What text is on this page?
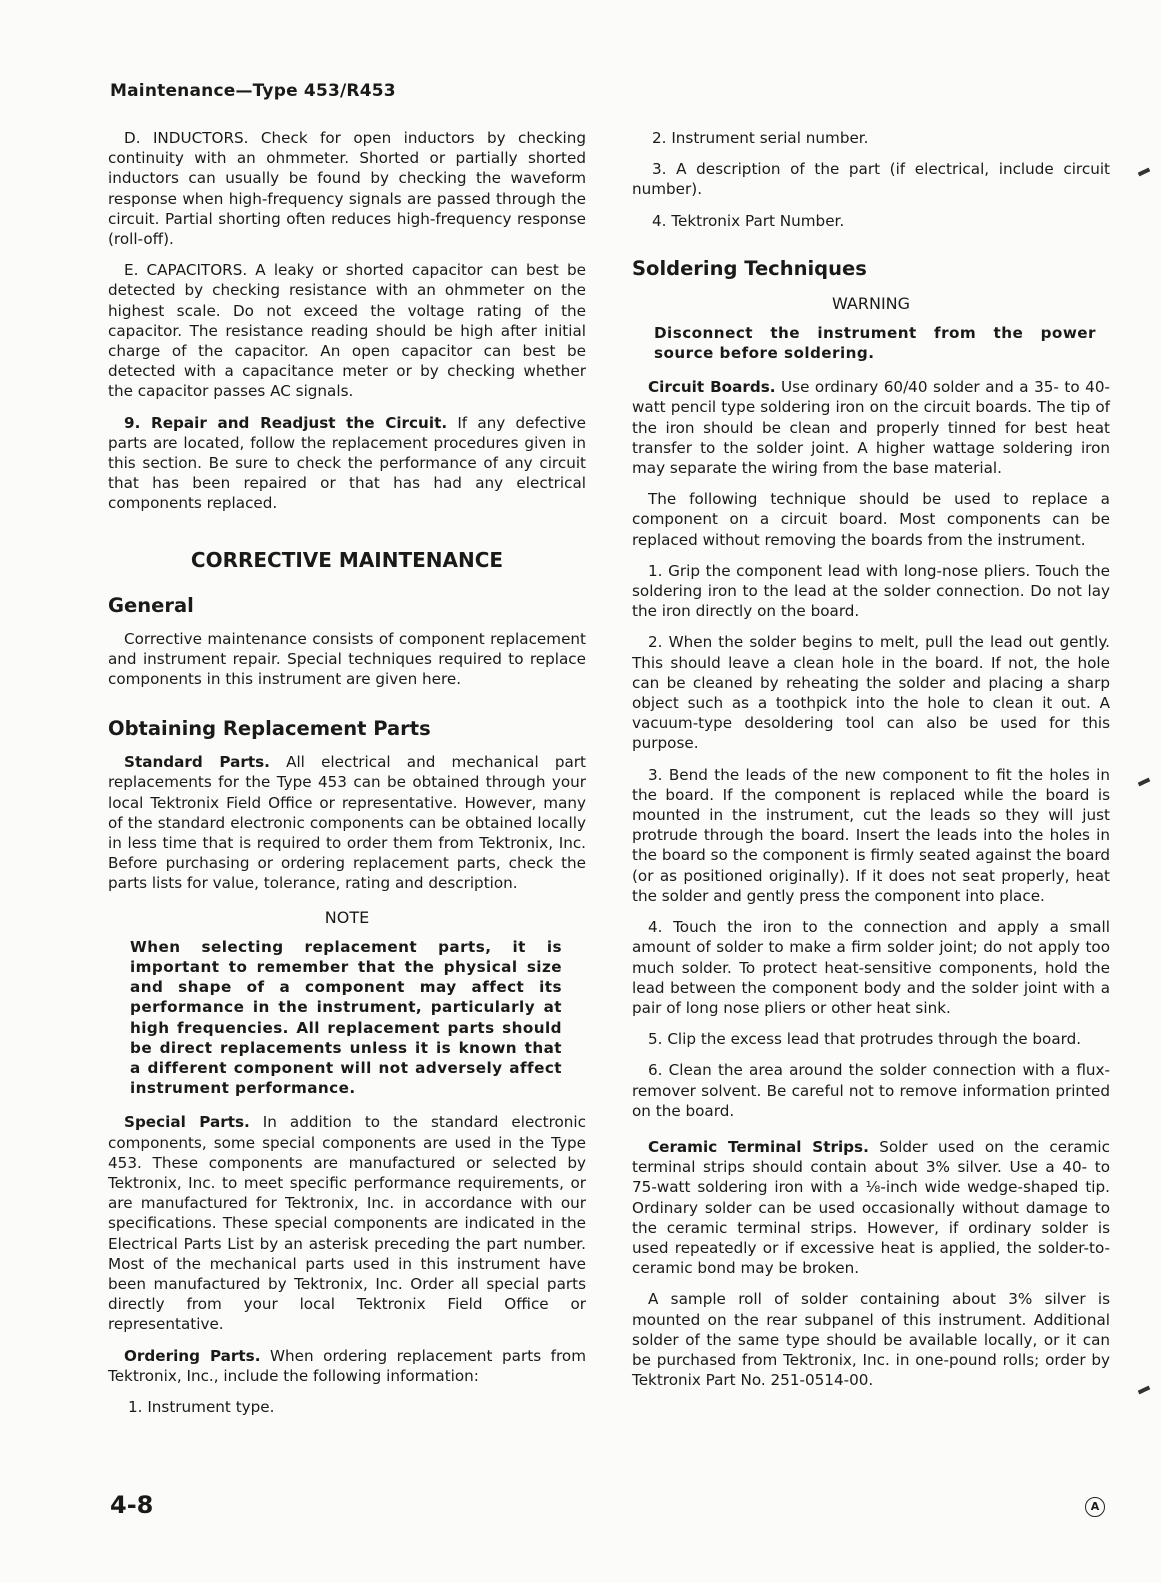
Maintenance—Type 453/R453

D. INDUCTORS. Check for open inductors by checking continuity with an ohmmeter. Shorted or partially shorted inductors can usually be found by checking the waveform response when high-frequency signals are passed through the circuit. Partial shorting often reduces high-frequency response (roll-off).

E. CAPACITORS. A leaky or shorted capacitor can best be detected by checking resistance with an ohmmeter on the highest scale. Do not exceed the voltage rating of the capacitor. The resistance reading should be high after initial charge of the capacitor. An open capacitor can best be detected with a capacitance meter or by checking whether the capacitor passes AC signals.

9. Repair and Readjust the Circuit. If any defective parts are located, follow the replacement procedures given in this section. Be sure to check the performance of any circuit that has been repaired or that has had any electrical components replaced.

CORRECTIVE MAINTENANCE
General

Corrective maintenance consists of component replacement and instrument repair. Special techniques required to replace components in this instrument are given here.

Obtaining Replacement Parts

Standard Parts. All electrical and mechanical part replacements for the Type 453 can be obtained through your local Tektronix Field Office or representative. However, many of the standard electronic components can be obtained locally in less time that is required to order them from Tektronix, Inc. Before purchasing or ordering replacement parts, check the parts lists for value, tolerance, rating and description.

NOTE
When selecting replacement parts, it is important to remember that the physical size and shape of a component may affect its performance in the instrument, particularly at high frequencies. All replacement parts should be direct replacements unless it is known that a different component will not adversely affect instrument performance.

Special Parts. In addition to the standard electronic components, some special components are used in the Type 453. These components are manufactured or selected by Tektronix, Inc. to meet specific performance requirements, or are manufactured for Tektronix, Inc. in accordance with our specifications. These special components are indicated in the Electrical Parts List by an asterisk preceding the part number. Most of the mechanical parts used in this instrument have been manufactured by Tektronix, Inc. Order all special parts directly from your local Tektronix Field Office or representative.

Ordering Parts. When ordering replacement parts from Tektronix, Inc., include the following information:

1. Instrument type.

2. Instrument serial number.

3. A description of the part (if electrical, include circuit number).

4. Tektronix Part Number.

Soldering Techniques
WARNING
Disconnect the instrument from the power source before soldering.

Circuit Boards. Use ordinary 60/40 solder and a 35- to 40-watt pencil type soldering iron on the circuit boards. The tip of the iron should be clean and properly tinned for best heat transfer to the solder joint. A higher wattage soldering iron may separate the wiring from the base material.

The following technique should be used to replace a component on a circuit board. Most components can be replaced without removing the boards from the instrument.

1. Grip the component lead with long-nose pliers. Touch the soldering iron to the lead at the solder connection. Do not lay the iron directly on the board.

2. When the solder begins to melt, pull the lead out gently. This should leave a clean hole in the board. If not, the hole can be cleaned by reheating the solder and placing a sharp object such as a toothpick into the hole to clean it out. A vacuum-type desoldering tool can also be used for this purpose.

3. Bend the leads of the new component to fit the holes in the board. If the component is replaced while the board is mounted in the instrument, cut the leads so they will just protrude through the board. Insert the leads into the holes in the board so the component is firmly seated against the board (or as positioned originally). If it does not seat properly, heat the solder and gently press the component into place.

4. Touch the iron to the connection and apply a small amount of solder to make a firm solder joint; do not apply too much solder. To protect heat-sensitive components, hold the lead between the component body and the solder joint with a pair of long nose pliers or other heat sink.

5. Clip the excess lead that protrudes through the board.

6. Clean the area around the solder connection with a flux-remover solvent. Be careful not to remove information printed on the board.

Ceramic Terminal Strips. Solder used on the ceramic terminal strips should contain about 3% silver. Use a 40- to 75-watt soldering iron with a ⅛-inch wide wedge-shaped tip. Ordinary solder can be used occasionally without damage to the ceramic terminal strips. However, if ordinary solder is used repeatedly or if excessive heat is applied, the solder-to-ceramic bond may be broken.

A sample roll of solder containing about 3% silver is mounted on the rear subpanel of this instrument. Additional solder of the same type should be available locally, or it can be purchased from Tektronix, Inc. in one-pound rolls; order by Tektronix Part No. 251-0514-00.

4-8	A
